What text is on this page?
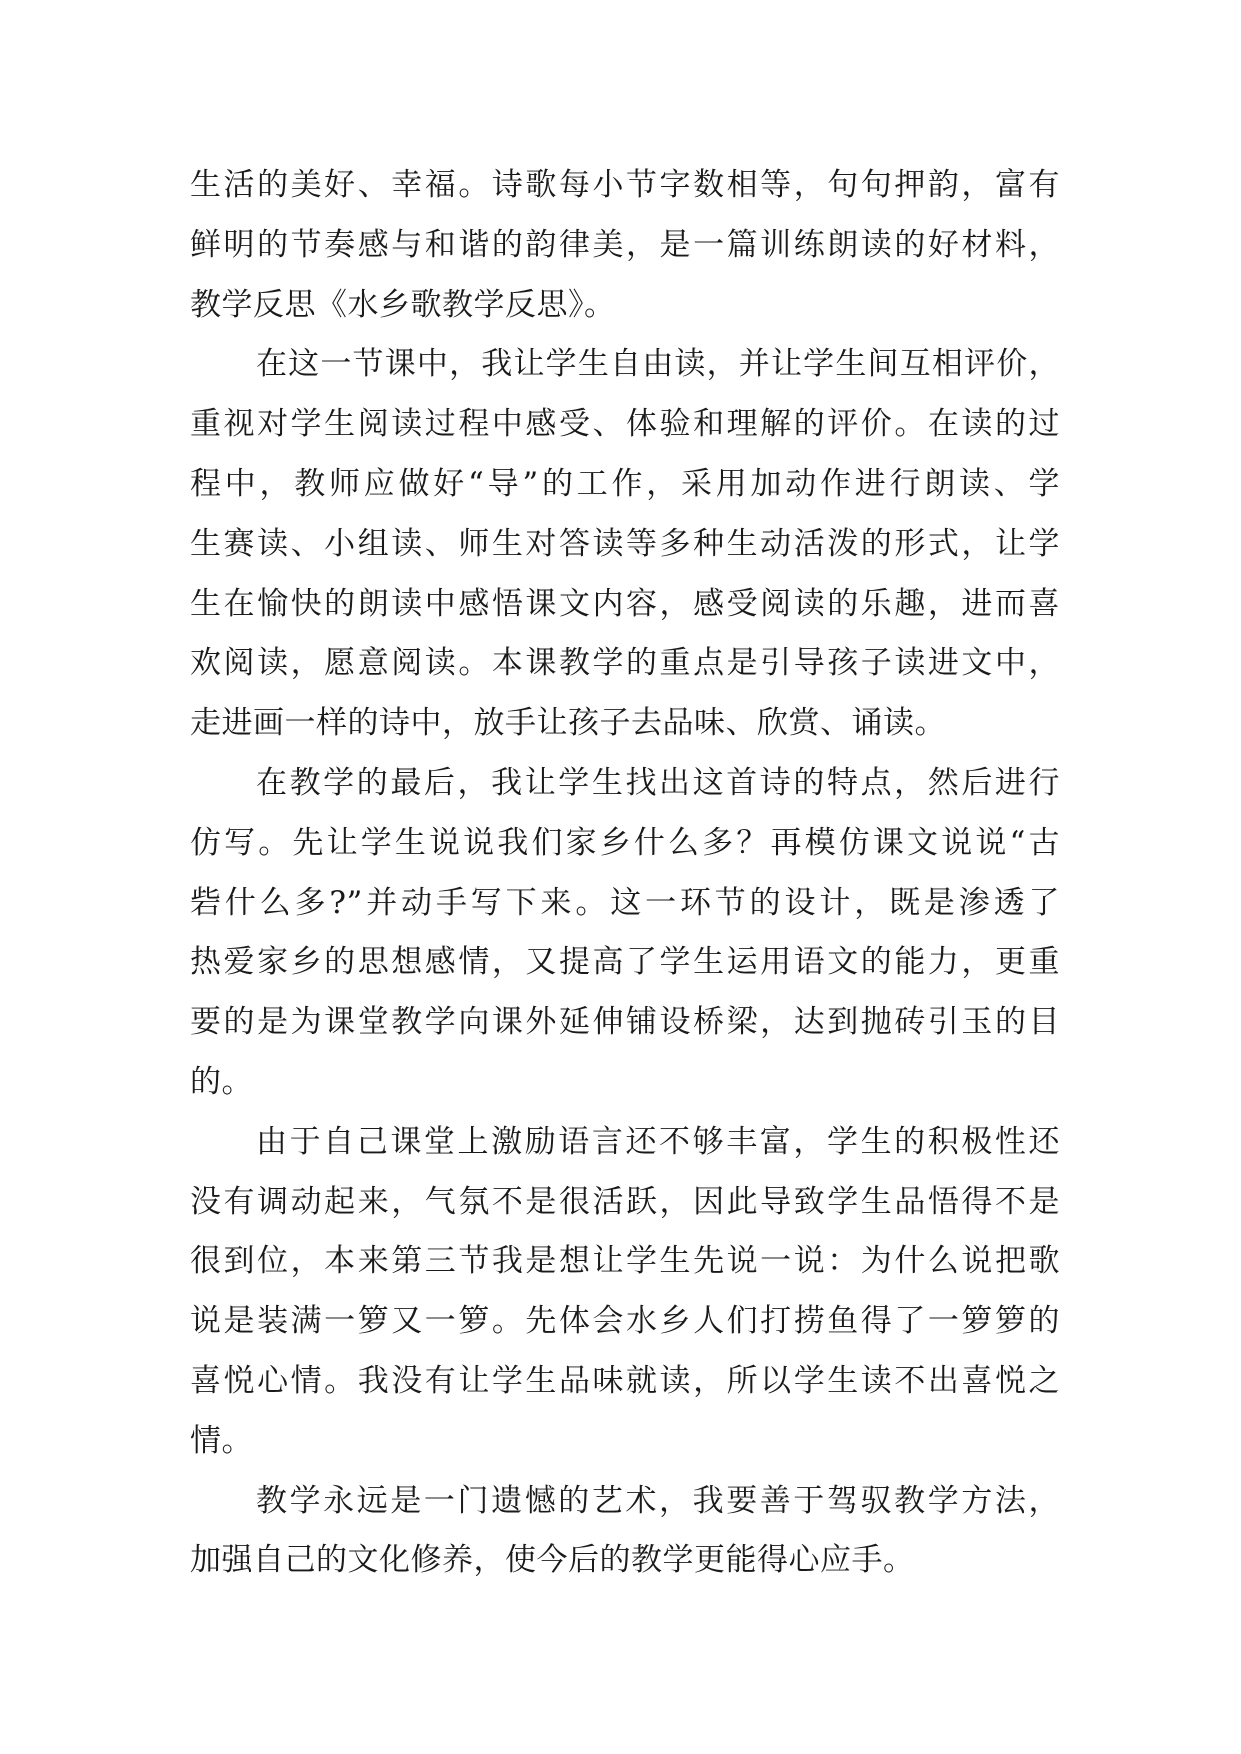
生活的美好、幸福。诗歌每小节字数相等，句句押韵，富有
鲜明的节奏感与和谐的韵律美，是一篇训练朗读的好材料，
教学反思《水乡歌教学反思》。
在这一节课中，我让学生自由读，并让学生间互相评价，
重视对学生阅读过程中感受、体验和理解的评价。在读的过
程中，教师应做好“导”的工作，采用加动作进行朗读、学
生赛读、小组读、师生对答读等多种生动活泼的形式，让学
生在愉快的朗读中感悟课文内容，感受阅读的乐趣，进而喜
欢阅读，愿意阅读。本课教学的重点是引导孩子读进文中，
走进画一样的诗中，放手让孩子去品味、欣赏、诵读。
在教学的最后，我让学生找出这首诗的特点，然后进行
仿写。先让学生说说我们家乡什么多？再模仿课文说说“古
砦什么多?”并动手写下来。这一环节的设计，既是渗透了
热爱家乡的思想感情，又提高了学生运用语文的能力，更重
要的是为课堂教学向课外延伸铺设桥梁，达到抛砖引玉的目
的。
由于自己课堂上激励语言还不够丰富，学生的积极性还
没有调动起来，气氛不是很活跃，因此导致学生品悟得不是
很到位，本来第三节我是想让学生先说一说：为什么说把歌
说是装满一箩又一箩。先体会水乡人们打捞鱼得了一箩箩的
喜悦心情。我没有让学生品味就读，所以学生读不出喜悦之
情。
教学永远是一门遗憾的艺术，我要善于驾驭教学方法，
加强自己的文化修养，使今后的教学更能得心应手。
